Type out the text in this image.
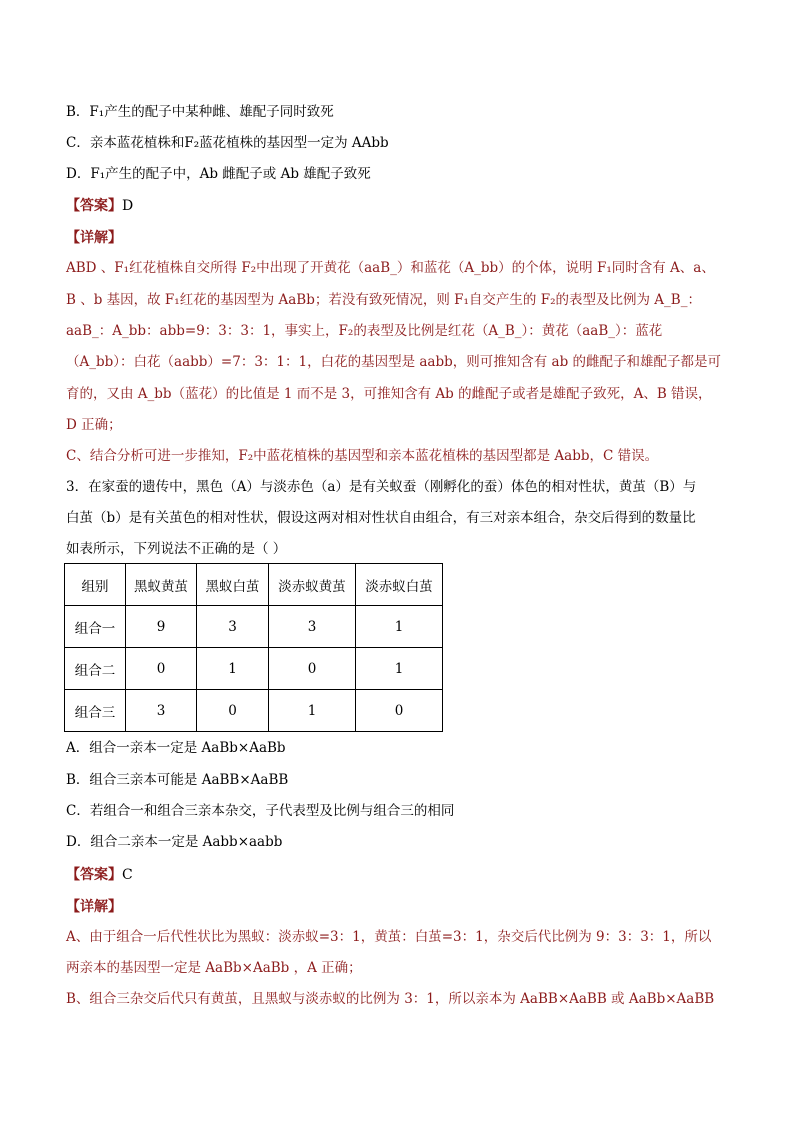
B．F₁产生的配子中某种雌、雄配子同时致死
C．亲本蓝花植株和F₂蓝花植株的基因型一定为 AAbb
D．F₁产生的配子中，Ab 雌配子或 Ab 雄配子致死
【答案】D
【详解】
ABD 、F₁红花植株自交所得 F₂中出现了开黄花（aaB_）和蓝花（A_bb）的个体，说明 F₁同时含有 A、a、
B 、b 基因，故 F₁红花的基因型为 AaBb；若没有致死情况，则 F₁自交产生的 F₂的表型及比例为 A_B_：
aaB_：A_bb：abb=9：3：3：1，事实上，F₂的表型及比例是红花（A_B_）：黄花（aaB_）：蓝花
（A_bb）：白花（aabb）=7：3：1：1，白花的基因型是 aabb，则可推知含有 ab 的雌配子和雄配子都是可
育的，又由 A_bb（蓝花）的比值是 1 而不是 3，可推知含有 Ab 的雌配子或者是雄配子致死，A、B 错误，
D 正确；
C、结合分析可进一步推知，F₂中蓝花植株的基因型和亲本蓝花植株的基因型都是 Aabb，C 错误。
3．在家蚕的遗传中，黑色（A）与淡赤色（a）是有关蚁蚕（刚孵化的蚕）体色的相对性状，黄茧（B）与
白茧（b）是有关茧色的相对性状，假设这两对相对性状自由组合，有三对亲本组合，杂交后得到的数量比
如表所示，下列说法不正确的是（ ）
组别	黑蚁黄茧	黑蚁白茧	淡赤蚁黄茧	淡赤蚁白茧
组合一	9	3	3	1
组合二	0	1	0	1
组合三	3	0	1	0
A．组合一亲本一定是 AaBb×AaBb
B．组合三亲本可能是 AaBB×AaBB
C．若组合一和组合三亲本杂交，子代表型及比例与组合三的相同
D．组合二亲本一定是 Aabb×aabb
【答案】C
【详解】
A、由于组合一后代性状比为黑蚁：淡赤蚁=3：1，黄茧：白茧=3：1，杂交后代比例为 9：3：3：1，所以
两亲本的基因型一定是 AaBb×AaBb ，A 正确；
B、组合三杂交后代只有黄茧，且黑蚁与淡赤蚁的比例为 3：1，所以亲本为 AaBB×AaBB 或 AaBb×AaBB
